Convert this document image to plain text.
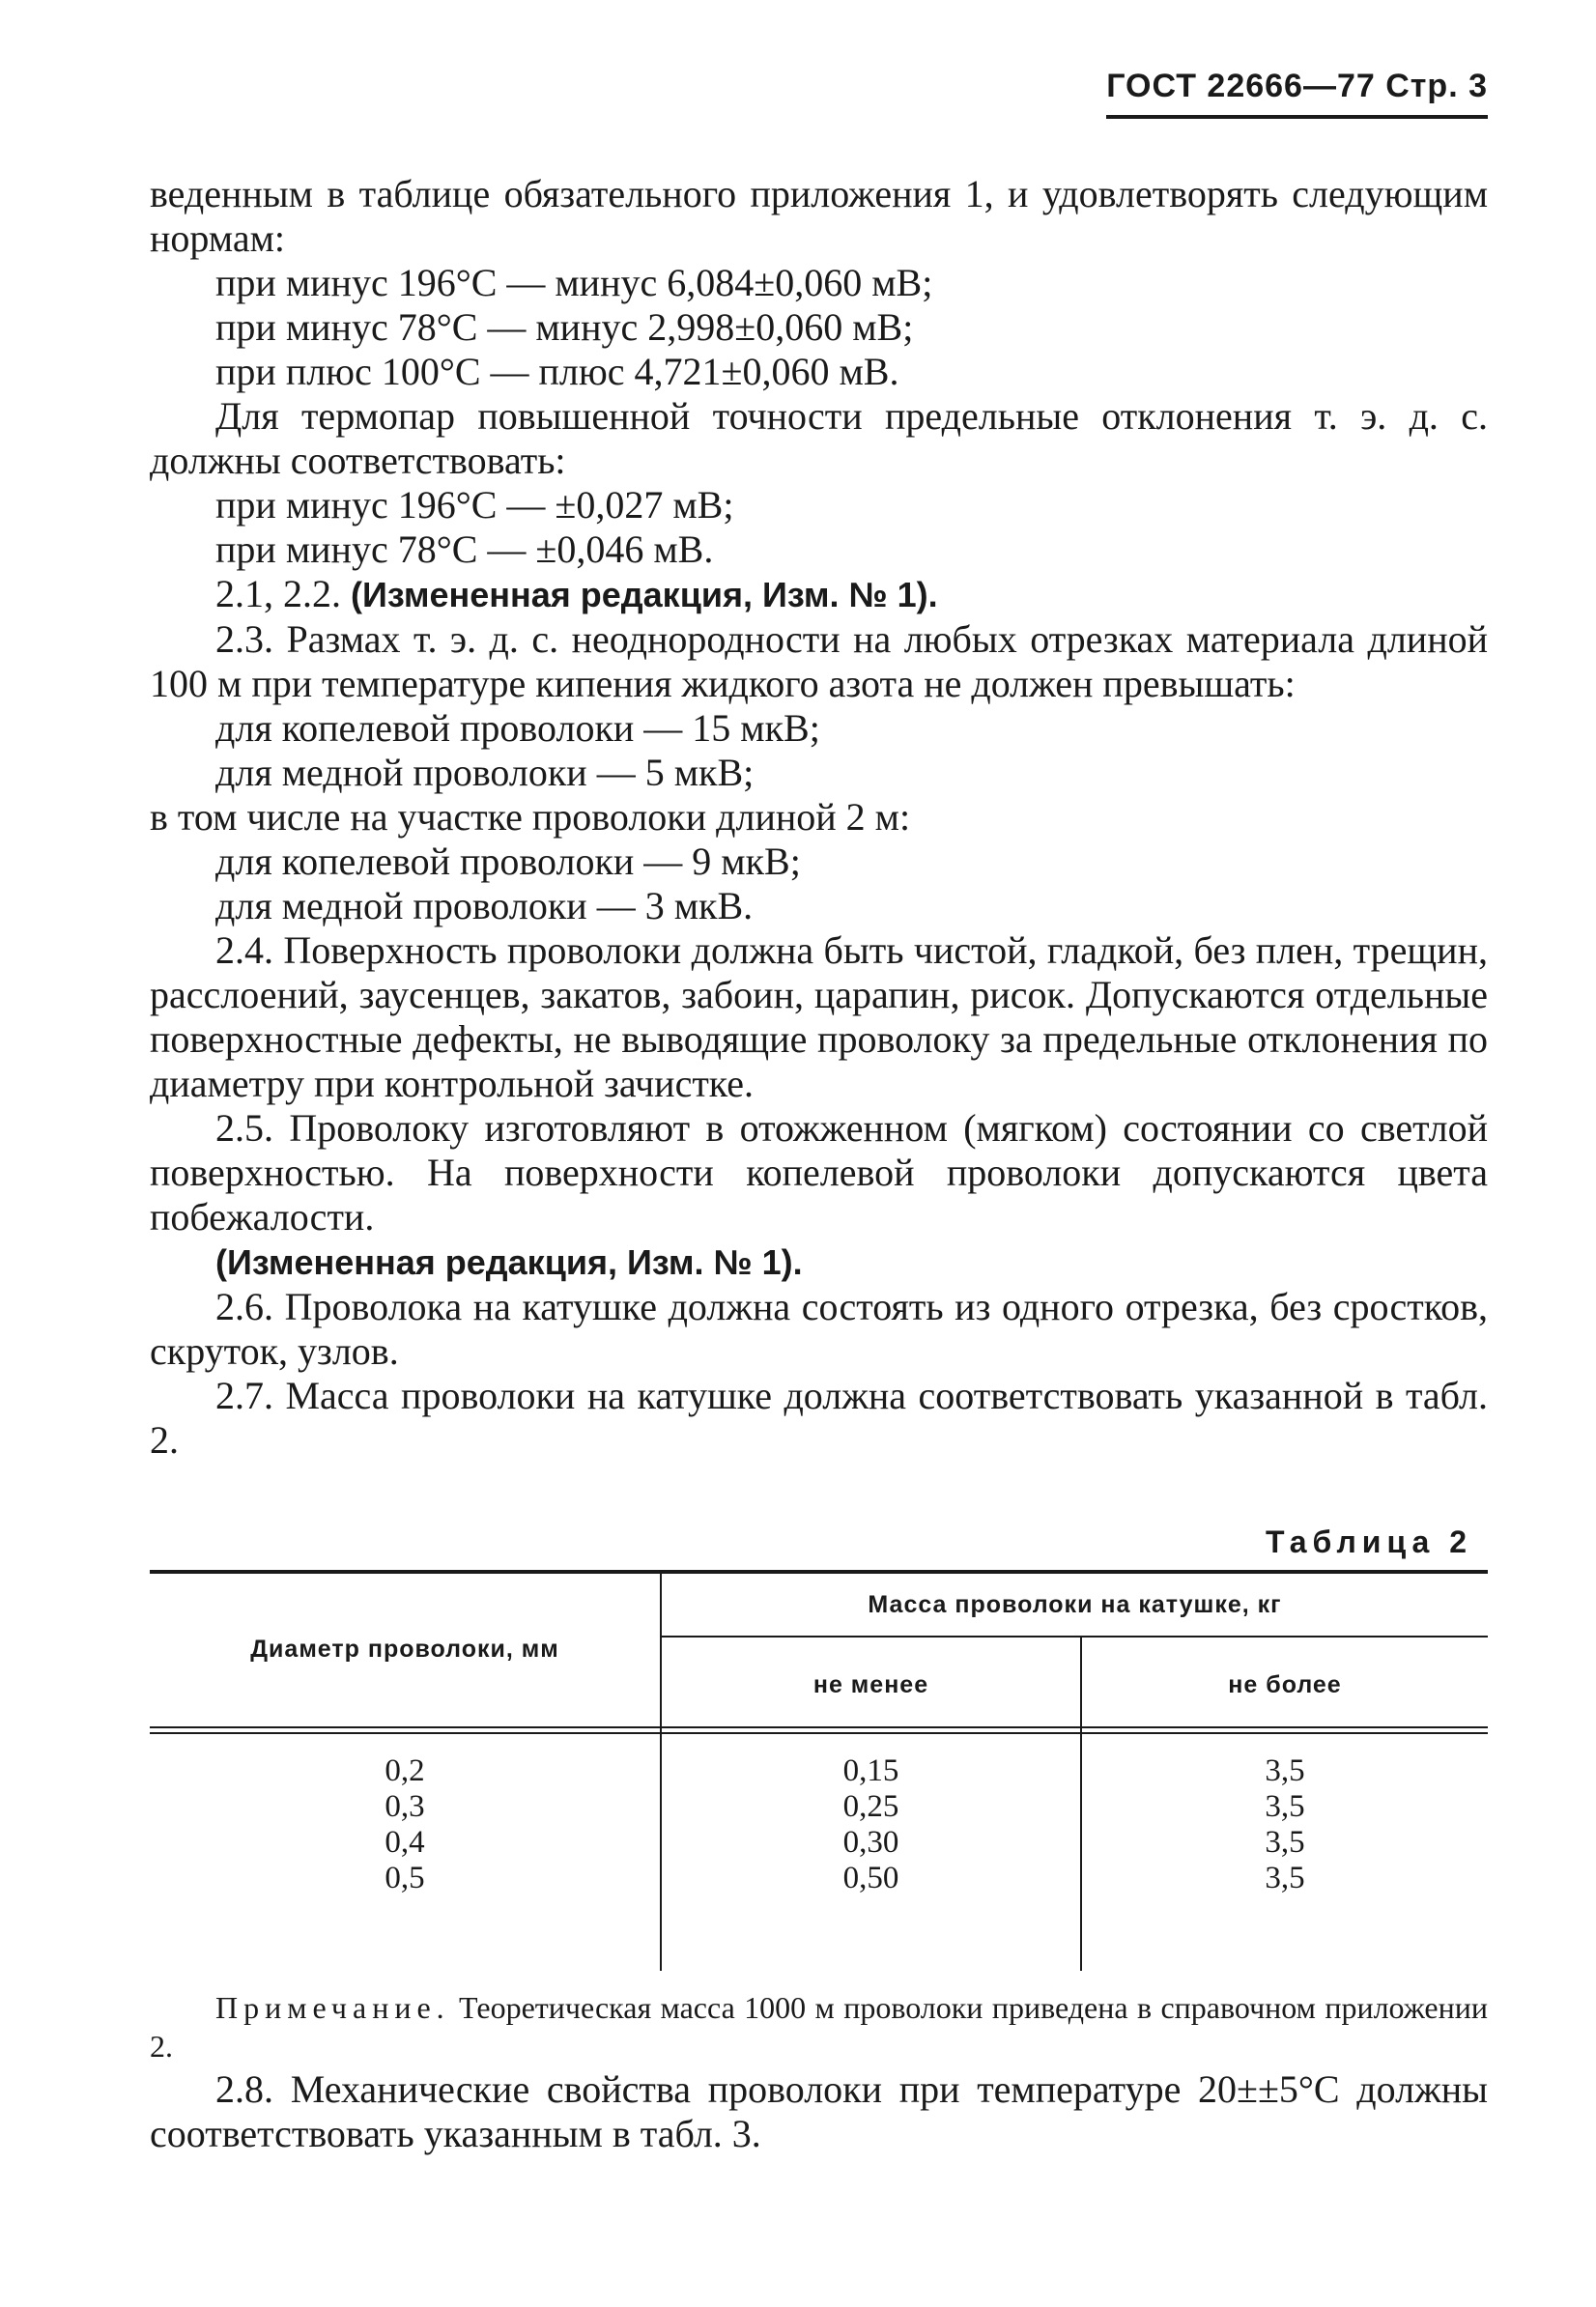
ГОСТ 22666—77 Стр. 3

веденным в таблице обязательного приложения 1, и удовлетворять следующим нормам:

при минус 196°С — минус 6,084±0,060 мВ;

при минус 78°С — минус 2,998±0,060 мВ;

при плюс 100°С — плюс 4,721±0,060 мВ.

Для термопар повышенной точности предельные отклонения т. э. д. с. должны соответствовать:

при минус 196°С — ±0,027 мВ;

при минус 78°С — ±0,046 мВ.

2.1, 2.2. (Измененная редакция, Изм. № 1).

2.3. Размах т. э. д. с. неоднородности на любых отрезках материала длиной 100 м при температуре кипения жидкого азота не должен превышать:

для копелевой проволоки — 15 мкВ;

для медной проволоки — 5 мкВ;

в том числе на участке проволоки длиной 2 м:

для копелевой проволоки — 9 мкВ;

для медной проволоки — 3 мкВ.

2.4. Поверхность проволоки должна быть чистой, гладкой, без плен, трещин, расслоений, заусенцев, закатов, забоин, царапин, рисок. Допускаются отдельные поверхностные дефекты, не выводящие проволоку за предельные отклонения по диаметру при контрольной зачистке.

2.5. Проволоку изготовляют в отожженном (мягком) состоянии со светлой поверхностью. На поверхности копелевой проволоки допускаются цвета побежалости.

(Измененная редакция, Изм. № 1).

2.6. Проволока на катушке должна состоять из одного отрезка, без сростков, скруток, узлов.

2.7. Масса проволоки на катушке должна соответствовать указанной в табл. 2.

Таблица 2
Диаметр проволоки, мм
Масса проволоки на катушке, кг
не менее	не более
0,2
0,3
0,4
0,5
0,15
0,25
0,30
0,50
3,5
3,5
3,5
3,5

Примечание. Теоретическая масса 1000 м проволоки приведена в справочном приложении 2.

2.8. Механические свойства проволоки при температуре 20±±5°С должны соответствовать указанным в табл. 3.
